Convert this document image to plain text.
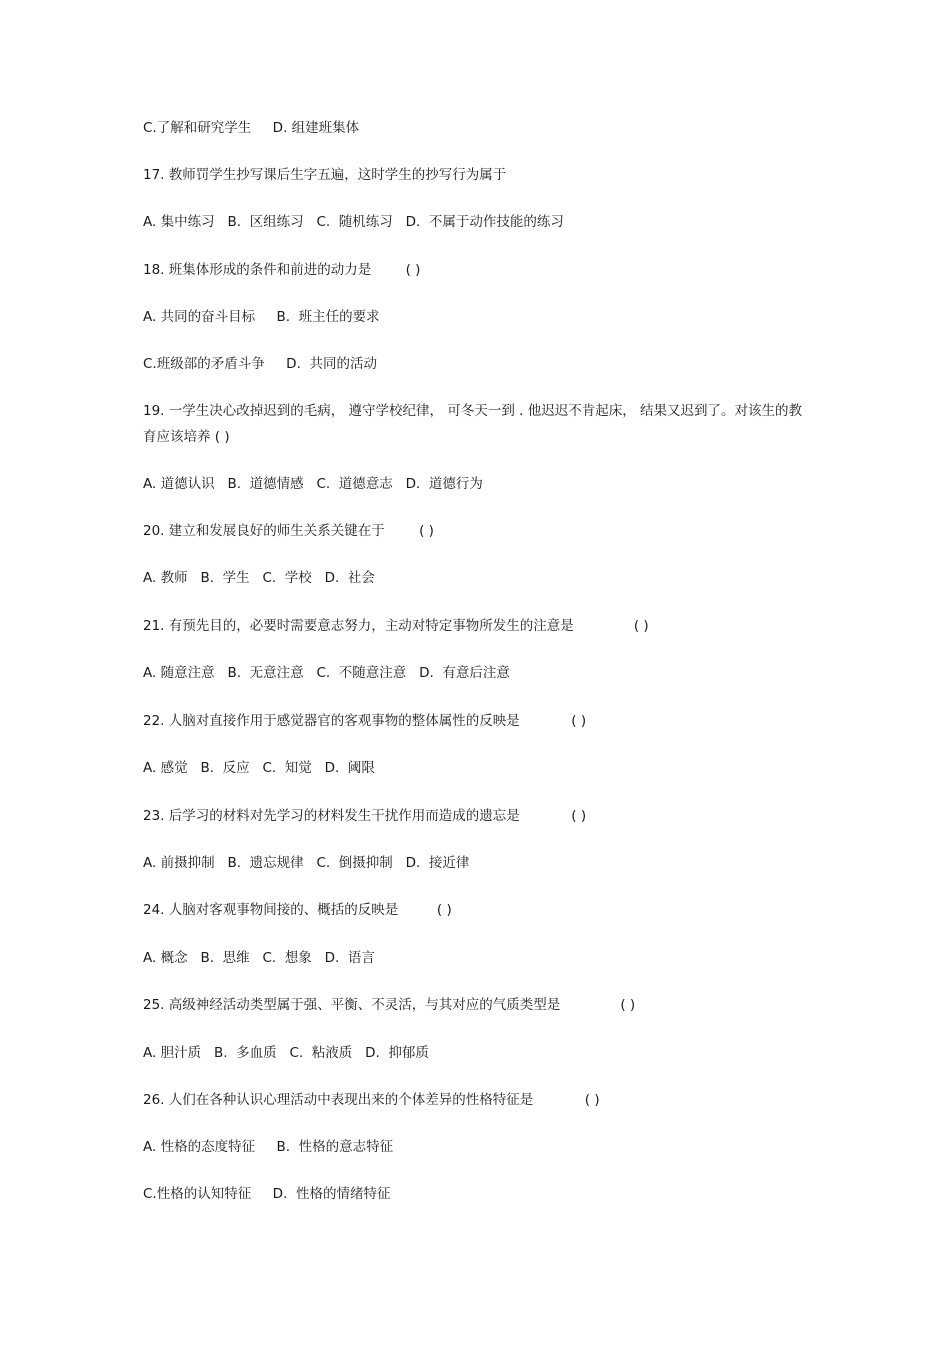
C.了解和研究学生     D. 组建班集体
17. 教师罚学生抄写课后生字五遍，这时学生的抄写行为属于
A. 集中练习   B.  区组练习   C.  随机练习   D.  不属于动作技能的练习
18. 班集体形成的条件和前进的动力是        ( )
A. 共同的奋斗目标     B.  班主任的要求
C.班级部的矛盾斗争     D.  共同的活动
19. 一学生决心改掉迟到的毛病， 遵守学校纪律， 可冬天一到 . 他迟迟不肯起床， 结果又迟到了。对该生的教育应该培养 ( )
A. 道德认识   B.  道德情感   C.  道德意志   D.  道德行为
20. 建立和发展良好的师生关系关键在于        ( )
A. 教师   B.  学生   C.  学校   D.  社会
21. 有预先目的，必要时需要意志努力，主动对特定事物所发生的注意是              ( )
A. 随意注意   B.  无意注意   C.  不随意注意   D.  有意后注意
22. 人脑对直接作用于感觉器官的客观事物的整体属性的反映是            ( )
A. 感觉   B.  反应   C.  知觉   D.  阈限
23. 后学习的材料对先学习的材料发生干扰作用而造成的遗忘是            ( )
A. 前摄抑制   B.  遗忘规律   C.  倒摄抑制   D.  接近律
24. 人脑对客观事物间接的、概括的反映是         ( )
A. 概念   B.  思维   C.  想象   D.  语言
25. 高级神经活动类型属于强、平衡、不灵活，与其对应的气质类型是              ( )
A. 胆汁质   B.  多血质   C.  粘液质   D.  抑郁质
26. 人们在各种认识心理活动中表现出来的个体差异的性格特征是            ( )
A. 性格的态度特征     B.  性格的意志特征
C.性格的认知特征     D.  性格的情绪特征
